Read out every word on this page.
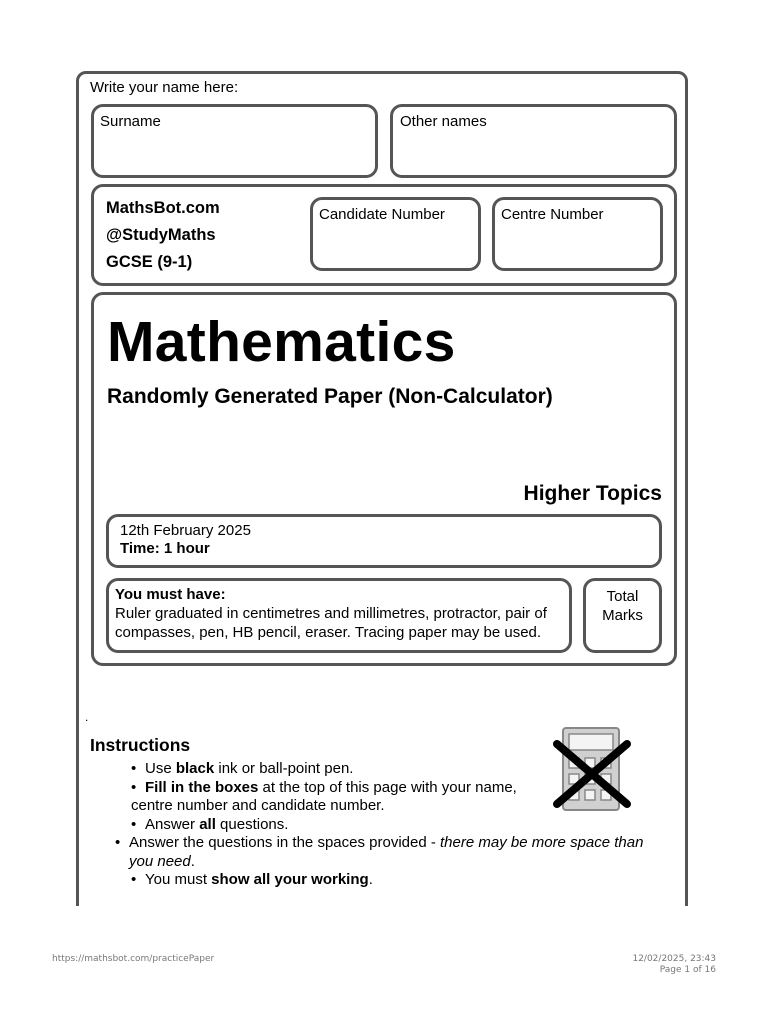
Write your name here:
Surname	Other names
MathsBot.com
@StudyMaths
GCSE (9-1)
Candidate Number	Centre Number
Mathematics
Randomly Generated Paper (Non-Calculator)
Higher Topics
12th February 2025
Time: 1 hour
You must have:
Ruler graduated in centimetres and millimetres, protractor, pair of compasses, pen, HB pencil, eraser. Tracing paper may be used.
Total
Marks
.
Instructions
• Use black ink or ball-point pen.
• Fill in the boxes at the top of this page with your name, centre number and candidate number.
• Answer all questions.
• Answer the questions in the spaces provided - there may be more space than you need.
• You must show all your working.
https://mathsbot.com/practicePaper	12/02/2025, 23:43
Page 1 of 16
